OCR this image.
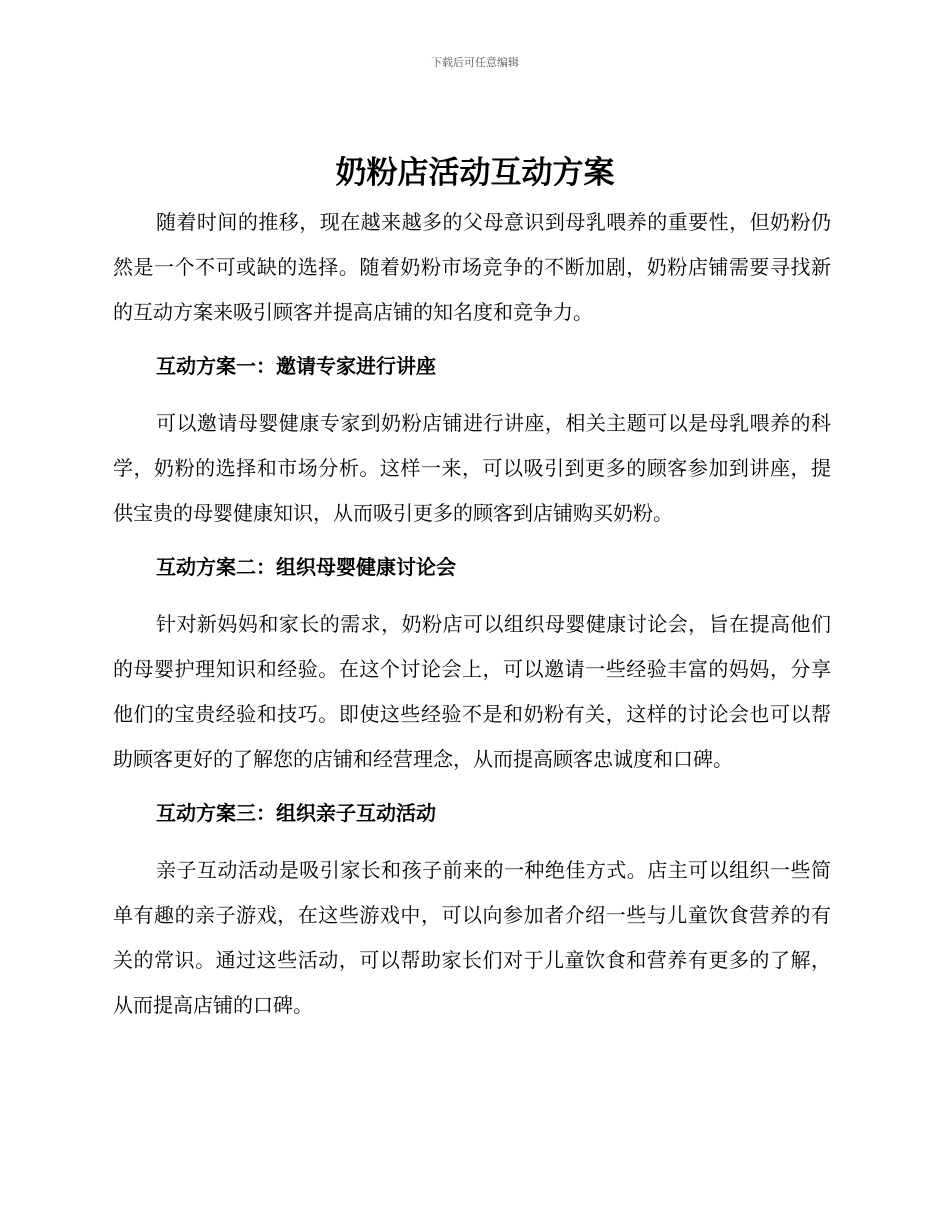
下载后可任意编辑
奶粉店活动互动方案

随着时间的推移，现在越来越多的父母意识到母乳喂养的重要性，但奶粉仍然是一个不可或缺的选择。随着奶粉市场竞争的不断加剧，奶粉店铺需要寻找新的互动方案来吸引顾客并提高店铺的知名度和竞争力。

互动方案一：邀请专家进行讲座

可以邀请母婴健康专家到奶粉店铺进行讲座，相关主题可以是母乳喂养的科学，奶粉的选择和市场分析。这样一来，可以吸引到更多的顾客参加到讲座，提供宝贵的母婴健康知识，从而吸引更多的顾客到店铺购买奶粉。

互动方案二：组织母婴健康讨论会

针对新妈妈和家长的需求，奶粉店可以组织母婴健康讨论会，旨在提高他们的母婴护理知识和经验。在这个讨论会上，可以邀请一些经验丰富的妈妈，分享他们的宝贵经验和技巧。即使这些经验不是和奶粉有关，这样的讨论会也可以帮助顾客更好的了解您的店铺和经营理念，从而提高顾客忠诚度和口碑。

互动方案三：组织亲子互动活动

亲子互动活动是吸引家长和孩子前来的一种绝佳方式。店主可以组织一些简单有趣的亲子游戏，在这些游戏中，可以向参加者介绍一些与儿童饮食营养的有关的常识。通过这些活动，可以帮助家长们对于儿童饮食和营养有更多的了解，从而提高店铺的口碑。
